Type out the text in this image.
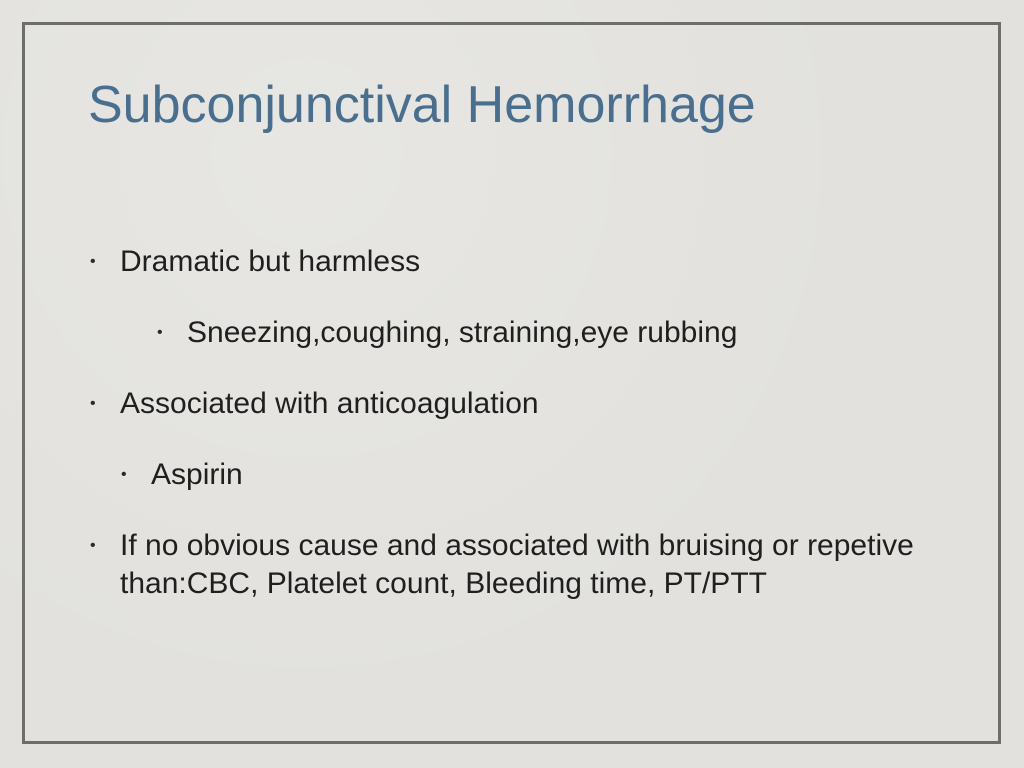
Subconjunctival Hemorrhage
• Dramatic but harmless
• Sneezing,coughing, straining,eye rubbing
• Associated with anticoagulation
• Aspirin
• If no obvious cause and associated with bruising or repetive than:CBC, Platelet count, Bleeding time, PT/PTT
